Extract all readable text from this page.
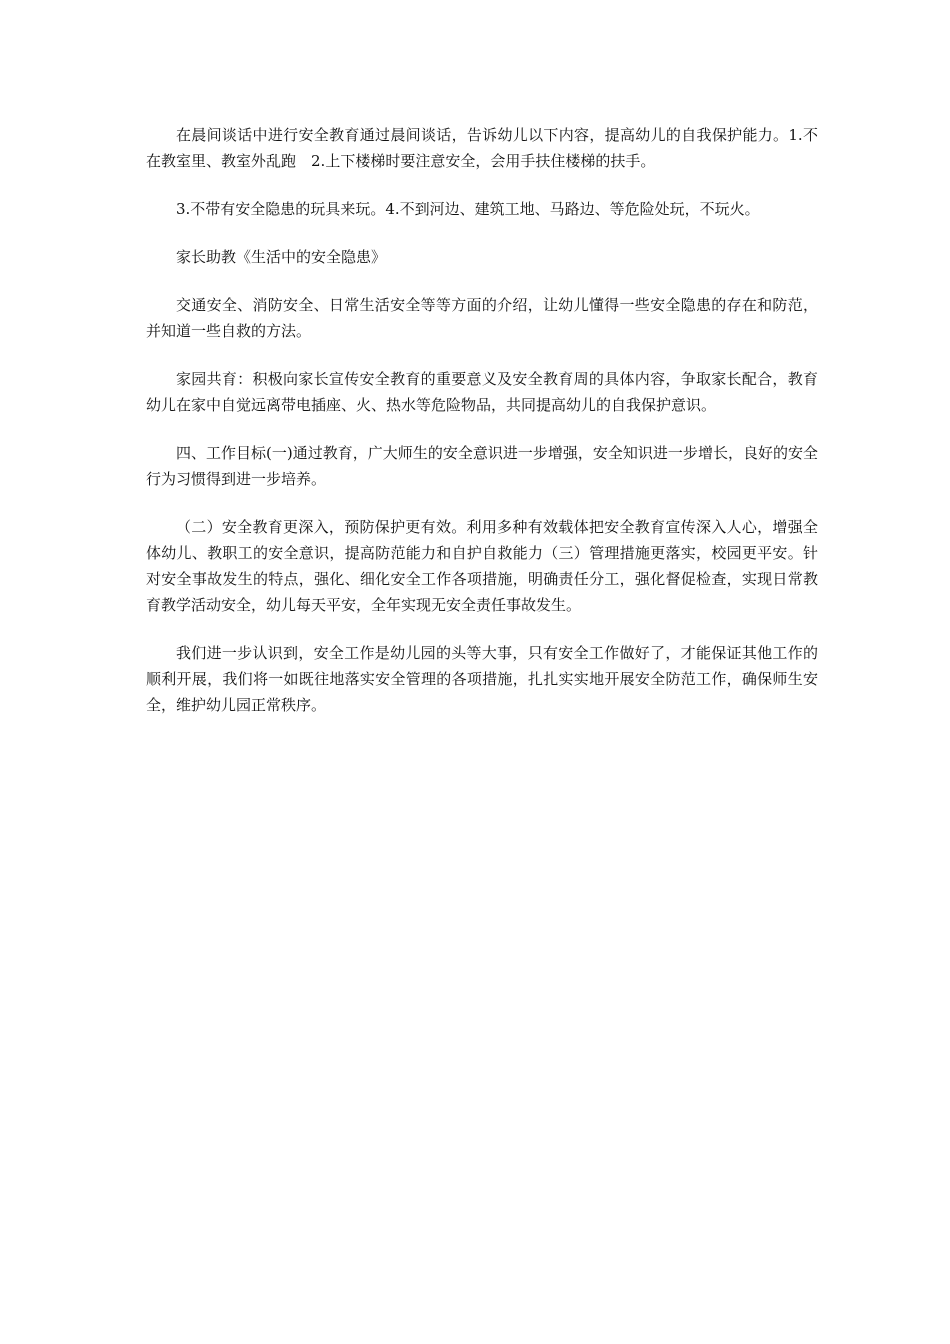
在晨间谈话中进行安全教育通过晨间谈话，告诉幼儿以下内容，提高幼儿的自我保护能力。1.不在教室里、教室外乱跑　2.上下楼梯时要注意安全，会用手扶住楼梯的扶手。

3.不带有安全隐患的玩具来玩。4.不到河边、建筑工地、马路边、等危险处玩，不玩火。

家长助教《生活中的安全隐患》

交通安全、消防安全、日常生活安全等等方面的介绍，让幼儿懂得一些安全隐患的存在和防范，并知道一些自救的方法。

家园共育：积极向家长宣传安全教育的重要意义及安全教育周的具体内容，争取家长配合，教育幼儿在家中自觉远离带电插座、火、热水等危险物品，共同提高幼儿的自我保护意识。

四、工作目标(一)通过教育，广大师生的安全意识进一步增强，安全知识进一步增长，良好的安全行为习惯得到进一步培养。

（二）安全教育更深入，预防保护更有效。利用多种有效载体把安全教育宣传深入人心，增强全体幼儿、教职工的安全意识，提高防范能力和自护自救能力（三）管理措施更落实，校园更平安。针对安全事故发生的特点，强化、细化安全工作各项措施，明确责任分工，强化督促检查，实现日常教育教学活动安全，幼儿每天平安，全年实现无安全责任事故发生。

我们进一步认识到，安全工作是幼儿园的头等大事，只有安全工作做好了，才能保证其他工作的顺利开展，我们将一如既往地落实安全管理的各项措施，扎扎实实地开展安全防范工作，确保师生安全，维护幼儿园正常秩序。
